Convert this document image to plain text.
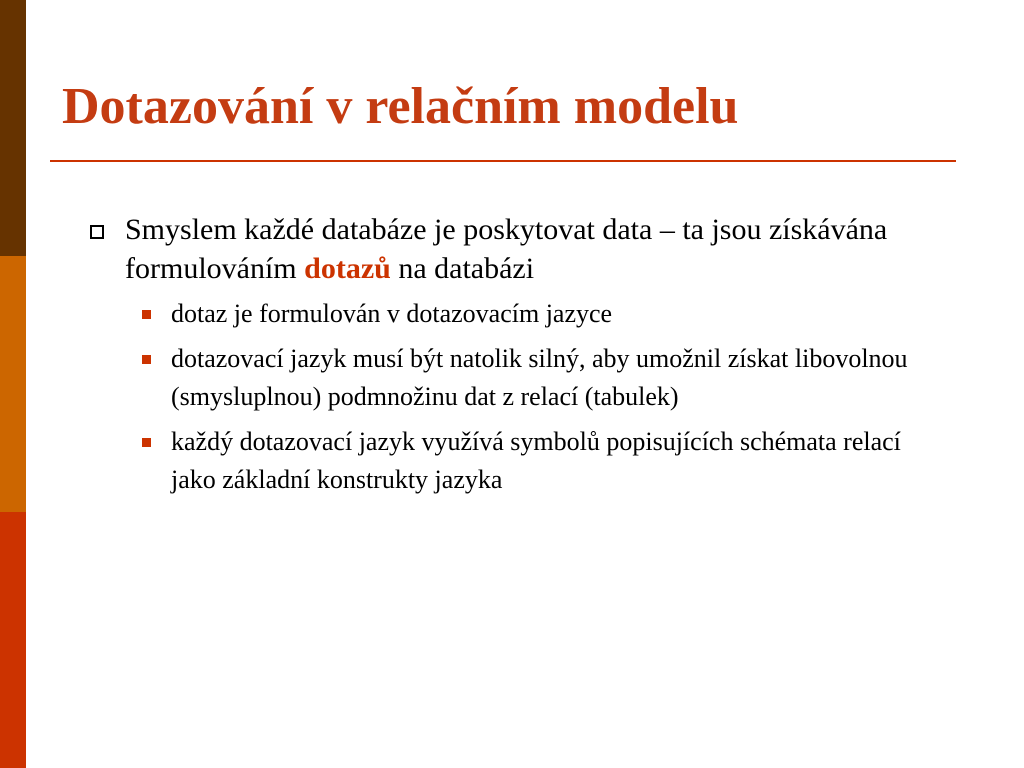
Dotazování v relačním modelu
Smyslem každé databáze je poskytovat data – ta jsou získávána formulováním dotazů na databázi
dotaz je formulován v dotazovacím jazyce
dotazovací jazyk musí být natolik silný, aby umožnil získat libovolnou (smysluplnou) podmnožinu dat z relací (tabulek)
každý dotazovací jazyk využívá symbolů popisujících schémata relací jako základní konstrukty jazyka
